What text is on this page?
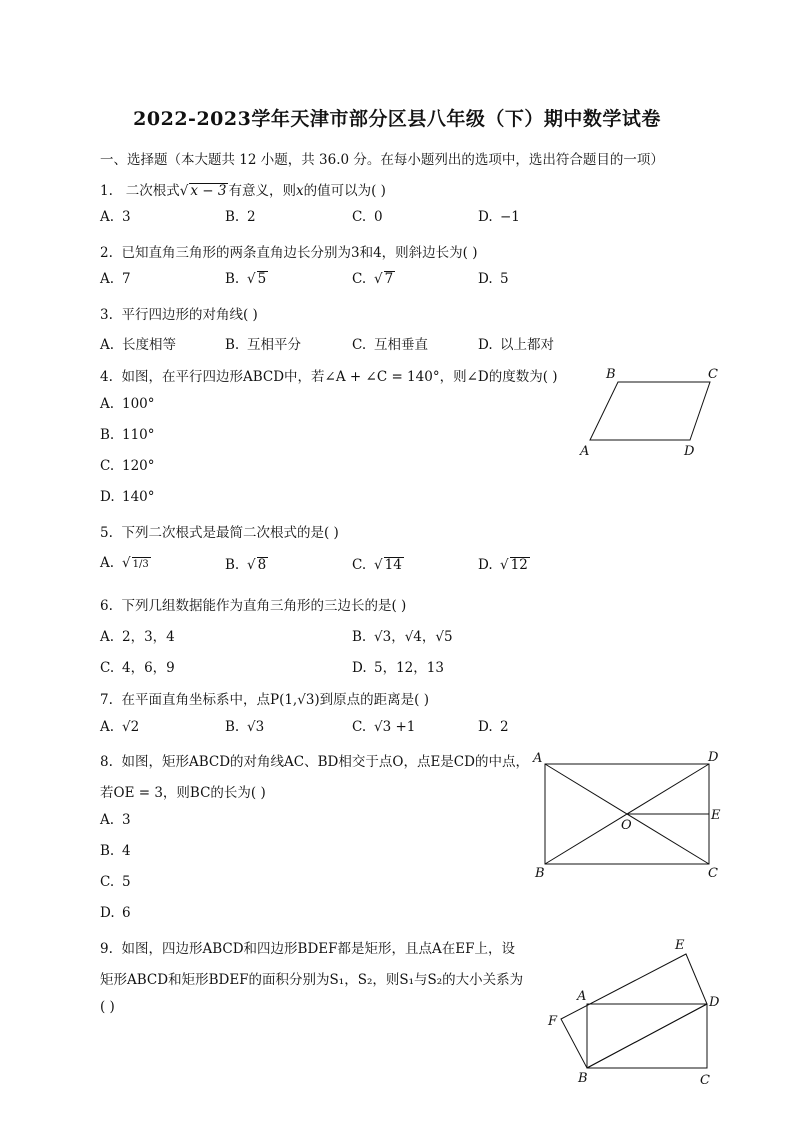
2022-2023学年天津市部分区县八年级（下）期中数学试卷
一、选择题（本大题共 12 小题，共 36.0 分。在每小题列出的选项中，选出符合题目的一项）
1. 二次根式√ x − 3 有意义，则x的值可以为( )
A. 3	B. 2	C. 0	D. −1
2. 已知直角三角形的两条直角边长分别为3和4，则斜边长为( )
A. 7	B. √ 5	C. √ 7	D. 5
3. 平行四边形的对角线( )
A. 长度相等	B. 互相平分	C. 互相垂直	D. 以上都对
4. 如图，在平行四边形ABCD中，若∠A + ∠C = 140°，则∠D的度数为( )
A. 100°
B. 110°
C. 120°
D. 140°
B	C
A	D
5. 下列二次根式是最简二次根式的是( )
A. √ 1/3	B. √ 8	C. √ 14	D. √ 12
6. 下列几组数据能作为直角三角形的三边长的是( )
A. 2，3，4	B. √3，√4，√5
C. 4，6，9	D. 5，12，13
7. 在平面直角坐标系中，点P(1,√3)到原点的距离是( )
A. √2	B. √3	C. √3 +1	D. 2
8. 如图，矩形ABCD的对角线AC、BD相交于点O，点E是CD的中点，
若OE = 3，则BC的长为( )
A. 3
B. 4
C. 5
D. 6
A	D
E
O
B	C
9. 如图，四边形ABCD和四边形BDEF都是矩形，且点A在EF上，设
矩形ABCD和矩形BDEF的面积分别为S₁，S₂，则S₁与S₂的大小关系为
( )
E
A	D
F
B	C
